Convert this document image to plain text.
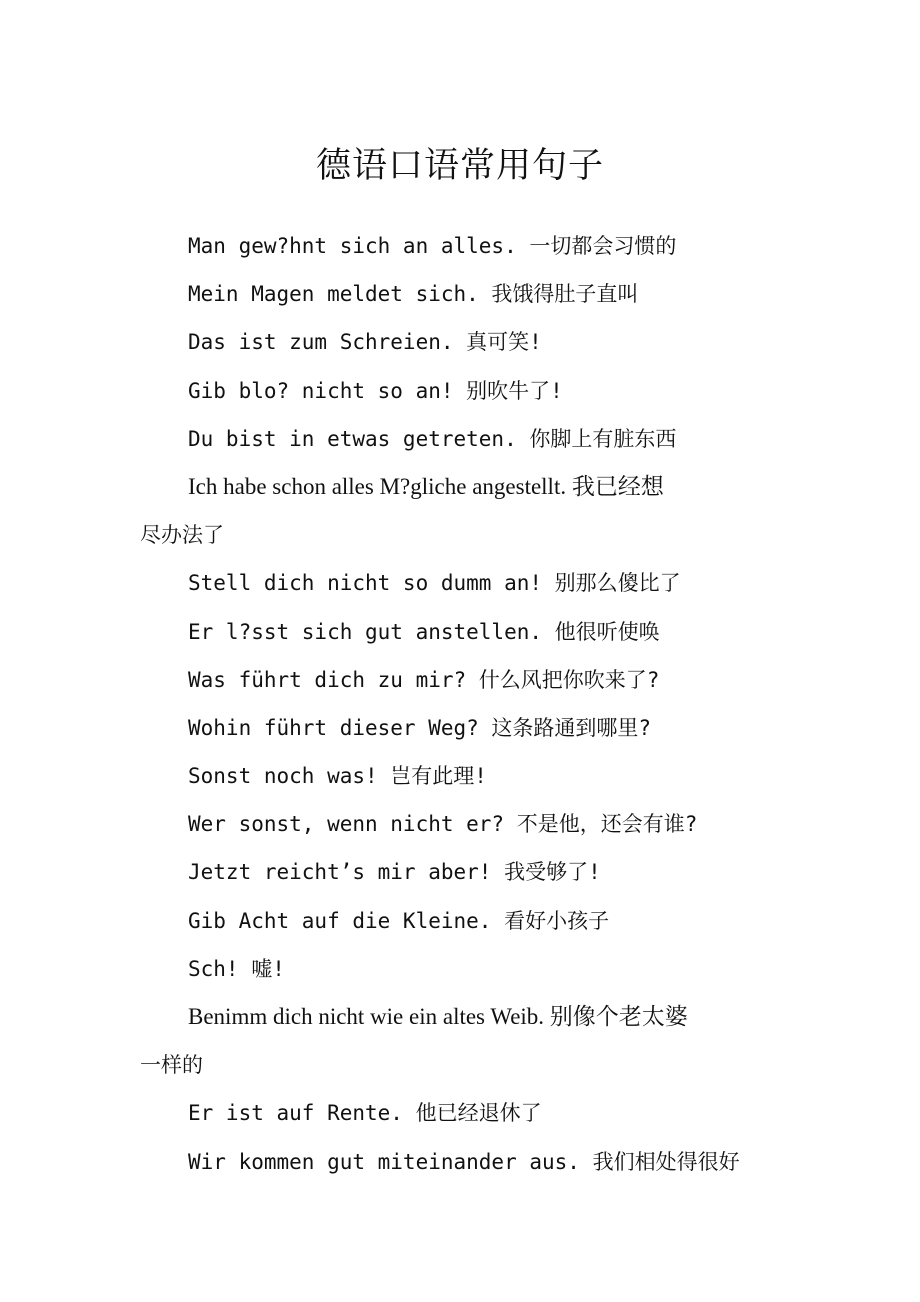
德语口语常用句子
Man gew?hnt sich an alles. 一切都会习惯的
Mein Magen meldet sich. 我饿得肚子直叫
Das ist zum Schreien. 真可笑!
Gib blo? nicht so an! 别吹牛了!
Du bist in etwas getreten. 你脚上有脏东西
Ich habe schon alles M?gliche angestellt. 我已经想
尽办法了
Stell dich nicht so dumm an! 别那么傻比了
Er l?sst sich gut anstellen. 他很听使唤
Was führt dich zu mir? 什么风把你吹来了?
Wohin führt dieser Weg? 这条路通到哪里?
Sonst noch was! 岂有此理!
Wer sonst, wenn nicht er? 不是他，还会有谁?
Jetzt reicht’s mir aber! 我受够了!
Gib Acht auf die Kleine. 看好小孩子
Sch! 嘘!
Benimm dich nicht wie ein altes Weib. 别像个老太婆
一样的
Er ist auf Rente. 他已经退休了
Wir kommen gut miteinander aus. 我们相处得很好
